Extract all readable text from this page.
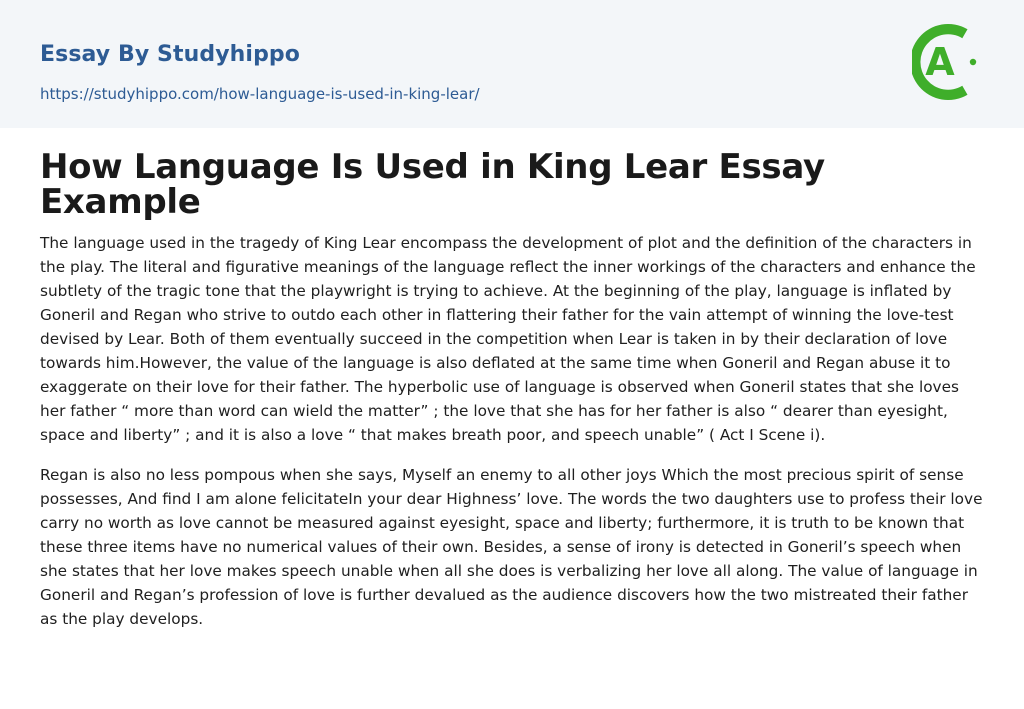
Essay By Studyhippo
https://studyhippo.com/how-language-is-used-in-king-lear/
A
How Language Is Used in King Lear Essay Example

The language used in the tragedy of King Lear encompass the development of plot and the definition of the characters in the play. The literal and figurative meanings of the language reflect the inner workings of the characters and enhance the subtlety of the tragic tone that the playwright is trying to achieve. At the beginning of the play, language is inflated by Goneril and Regan who strive to outdo each other in flattering their father for the vain attempt of winning the love-test devised by Lear. Both of them eventually succeed in the competition when Lear is taken in by their declaration of love towards him.However, the value of the language is also deflated at the same time when Goneril and Regan abuse it to exaggerate on their love for their father. The hyperbolic use of language is observed when Goneril states that she loves her father “ more than word can wield the matter” ; the love that she has for her father is also “ dearer than eyesight, space and liberty” ; and it is also a love “ that makes breath poor, and speech unable” ( Act I Scene i).

Regan is also no less pompous when she says, Myself an enemy to all other joys Which the most precious spirit of sense possesses, And find I am alone felicitateIn your dear Highness’ love. The words the two daughters use to profess their love carry no worth as love cannot be measured against eyesight, space and liberty; furthermore, it is truth to be known that these three items have no numerical values of their own. Besides, a sense of irony is detected in Goneril’s speech when she states that her love makes speech unable when all she does is verbalizing her love all along. The value of language in Goneril and Regan’s profession of love is further devalued as the audience discovers how the two mistreated their father as the play develops.
